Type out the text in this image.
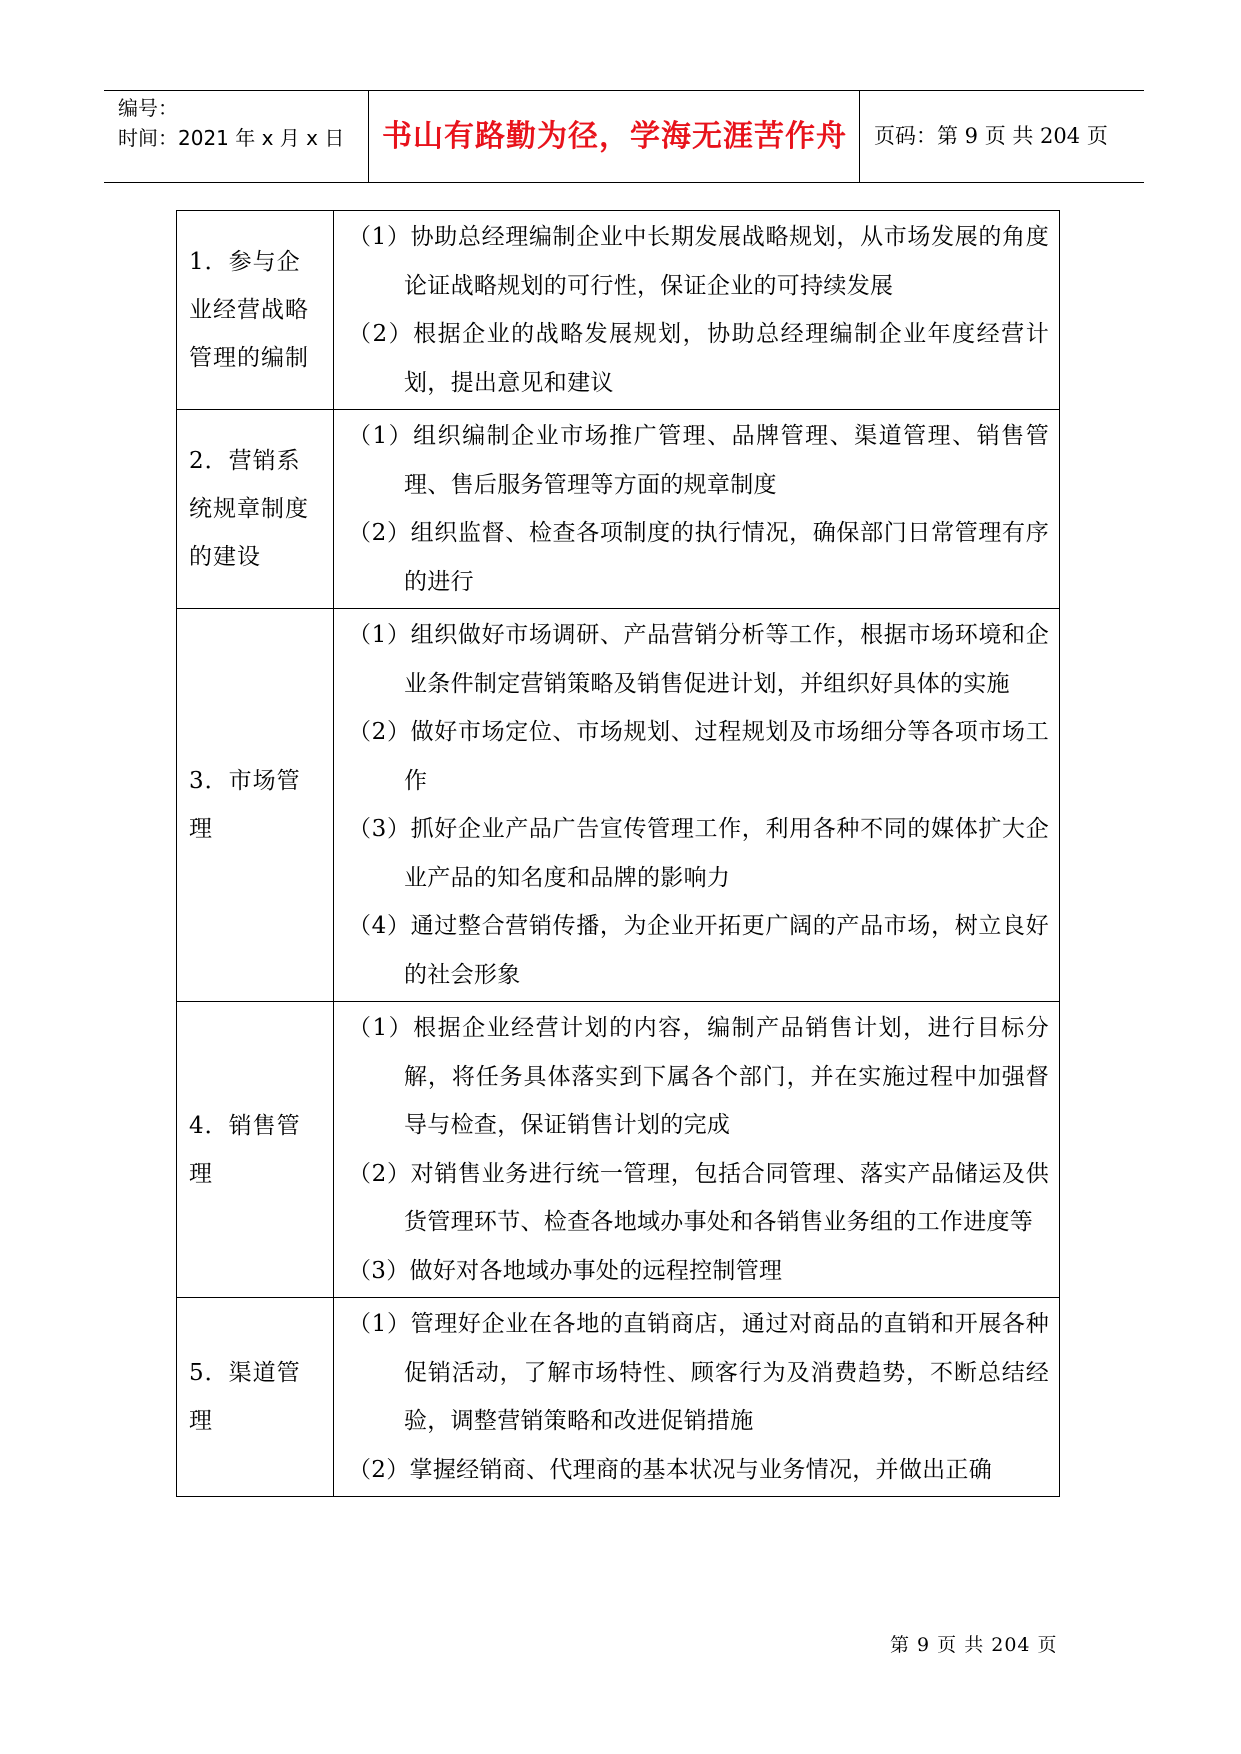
编号：
时间：2021 年 x 月 x 日	书山有路勤为径，学海无涯苦作舟	页码：第 9 页 共 204 页
1．参与企业经营战略管理的编制	（1）协助总经理编制企业中长期发展战略规划，从市场发展的角度论证战略规划的可行性，保证企业的可持续发展
（2）根据企业的战略发展规划，协助总经理编制企业年度经营计划，提出意见和建议

2．营销系统规章制度的建设	（1）组织编制企业市场推广管理、品牌管理、渠道管理、销售管理、售后服务管理等方面的规章制度
（2）组织监督、检查各项制度的执行情况，确保部门日常管理有序的进行

3．市场管理	（1）组织做好市场调研、产品营销分析等工作，根据市场环境和企业条件制定营销策略及销售促进计划，并组织好具体的实施
（2）做好市场定位、市场规划、过程规划及市场细分等各项市场工作
（3）抓好企业产品广告宣传管理工作，利用各种不同的媒体扩大企业产品的知名度和品牌的影响力
（4）通过整合营销传播，为企业开拓更广阔的产品市场，树立良好的社会形象

4．销售管理	（1）根据企业经营计划的内容，编制产品销售计划，进行目标分解，将任务具体落实到下属各个部门，并在实施过程中加强督导与检查，保证销售计划的完成
（2）对销售业务进行统一管理，包括合同管理、落实产品储运及供货管理环节、检查各地域办事处和各销售业务组的工作进度等
（3）做好对各地域办事处的远程控制管理

5．渠道管理	（1）管理好企业在各地的直销商店，通过对商品的直销和开展各种促销活动，了解市场特性、顾客行为及消费趋势，不断总结经验，调整营销策略和改进促销措施
（2）掌握经销商、代理商的基本状况与业务情况，并做出正确
第 9 页 共 204 页
